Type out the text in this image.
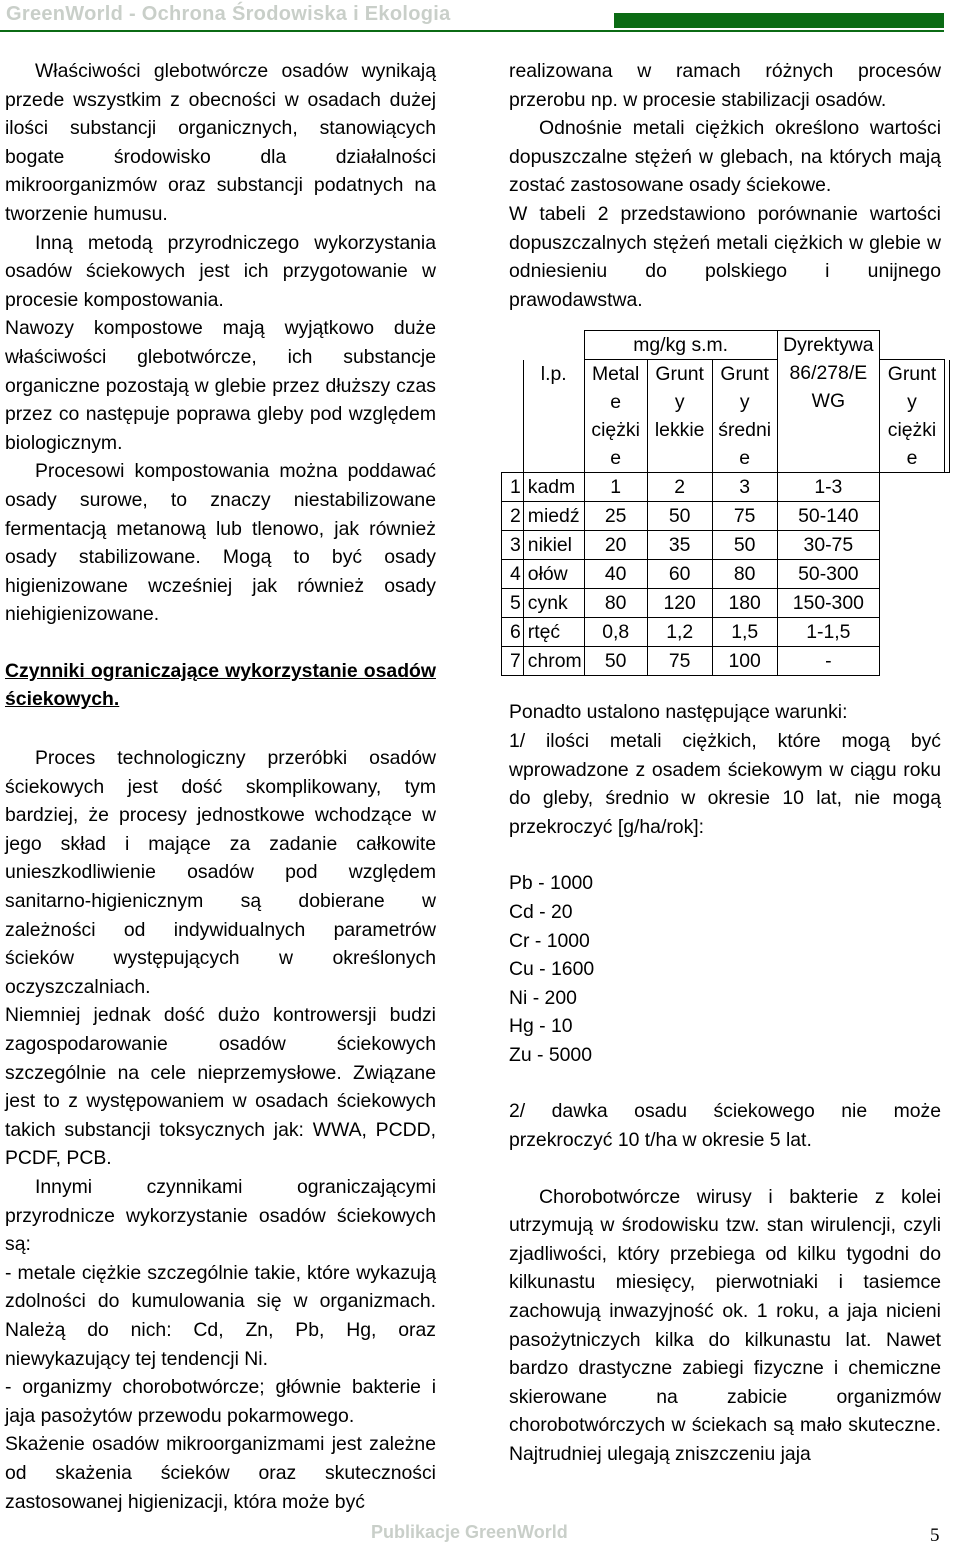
GreenWorld - Ochrona Środowiska i Ekologia

Właściwości glebotwórcze osadów wynikają przede wszystkim z obecności w osadach dużej ilości substancji organicznych, stanowiących bogate środowisko dla działalności mikroorganizmów oraz substancji podatnych na tworzenie humusu.

Inną metodą przyrodniczego wykorzystania osadów ściekowych jest ich przygotowanie w procesie kompostowania.

Nawozy kompostowe mają wyjątkowo duże właściwości glebotwórcze, ich substancje organiczne pozostają w glebie przez dłuższy czas przez co następuje poprawa gleby pod względem biologicznym.

Procesowi kompostowania można poddawać osady surowe, to znaczy niestabilizowane fermentacją metanową lub tlenowo, jak również osady stabilizowane. Mogą to być osady higienizowane wcześniej jak również osady niehigienizowane.

Czynniki ograniczające wykorzystanie osadów ściekowych.

Proces technologiczny przeróbki osadów ściekowych jest dość skomplikowany, tym bardziej, że procesy jednostkowe wchodzące w jego skład i mające za zadanie całkowite unieszkodliwienie osadów pod względem sanitarno-higienicznym są dobierane w zależności od indywidualnych parametrów ścieków występujących w określonych oczyszczalniach.

Niemniej jednak dość dużo kontrowersji budzi zagospodarowanie osadów ściekowych szczególnie na cele nieprzemysłowe. Związane jest to z występowaniem w osadach ściekowych takich substancji toksycznych jak: WWA, PCDD, PCDF, PCB.

Innymi czynnikami ograniczającymi przyrodnicze wykorzystanie osadów ściekowych są:

- metale ciężkie szczególnie takie, które wykazują zdolności do kumulowania się w organizmach. Należą do nich: Cd, Zn, Pb, Hg, oraz niewykazujący tej tendencji Ni.

- organizmy chorobotwórcze; głównie bakterie i jaja pasożytów przewodu pokarmowego.

Skażenie osadów mikroorganizmami jest zależne od skażenia ścieków oraz skuteczności zastosowanej higienizacji, która może być

realizowana w ramach różnych procesów przerobu np. w procesie stabilizacji osadów.

Odnośnie metali ciężkich określono wartości dopuszczalne stężeń w glebach, na których mają zostać zastosowane osady ściekowe.

W tabeli 2 przedstawiono porównanie wartości dopuszczalnych stężeń metali ciężkich w glebie w odniesieniu do polskiego i unijnego prawodawstwa.

		mg/kg s.m.			Dyrektywa 86/278/E WG		
	l.p.	Metal e ciężki e	Grunt y lekkie	Grunt y średni e		Grunt y ciężki e	
1	kadm	1	2	3	1-3		
2	miedź	25	50	75	50-140		
3	nikiel	20	35	50	30-75		
4	ołów	40	60	80	50-300		
5	cynk	80	120	180	150-300		
6	rtęć	0,8	1,2	1,5	1-1,5		
7	chrom	50	75	100	-		

Ponadto ustalono następujące warunki:

1/ ilości metali ciężkich, które mogą być wprowadzone z osadem ściekowym w ciągu roku do gleby, średnio w okresie 10 lat, nie mogą przekroczyć [g/ha/rok]:

Pb - 1000

Cd - 20

Cr - 1000

Cu - 1600

Ni - 200

Hg - 10

Zu - 5000

2/ dawka osadu ściekowego nie może przekroczyć 10 t/ha w okresie 5 lat.

Chorobotwórcze wirusy i bakterie z kolei utrzymują w środowisku tzw. stan wirulencji, czyli zjadliwości, który przebiega od kilku tygodni do kilkunastu miesięcy, pierwotniaki i tasiemce zachowują inwazyjność ok. 1 roku, a jaja nicieni pasożytniczych kilka do kilkunastu lat. Nawet bardzo drastyczne zabiegi fizyczne i chemiczne skierowane na zabicie organizmów chorobotwórczych w ściekach są mało skuteczne. Najtrudniej ulegają zniszczeniu jaja

Publikacje GreenWorld	5
